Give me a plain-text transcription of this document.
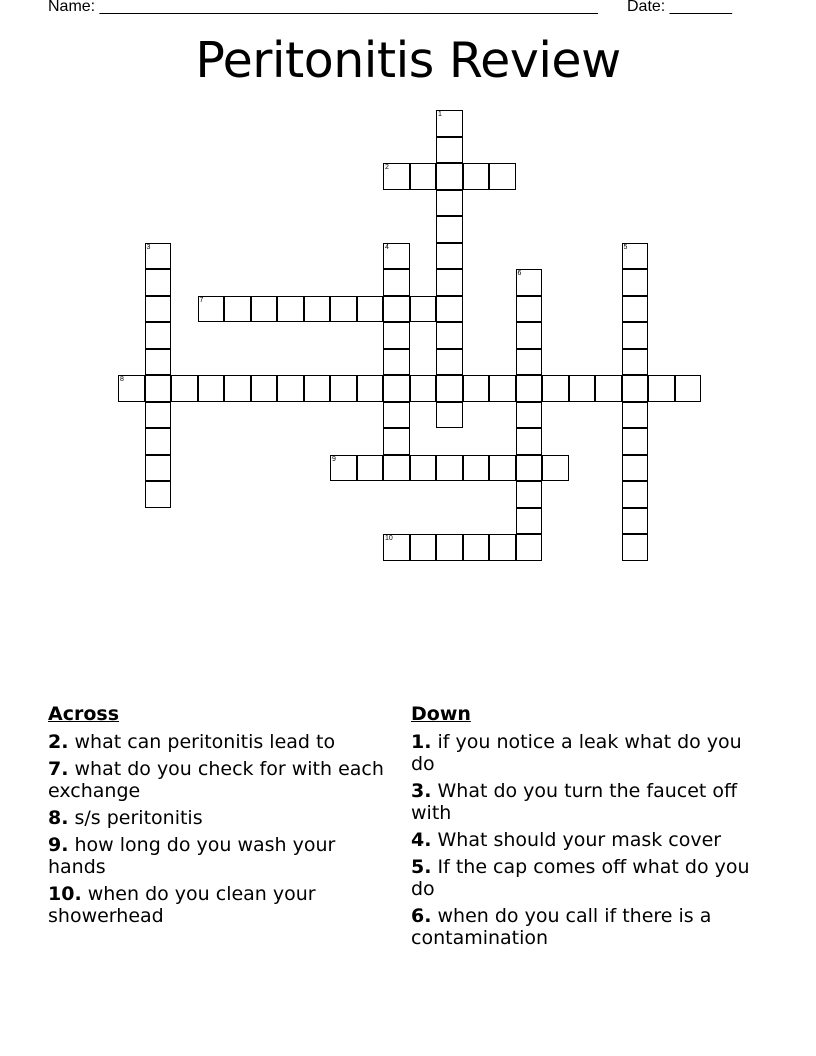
Name: ________________________________________________________ Date: _______
Peritonitis Review
1
2
3	4	5
6
7
8
9
10
Across
2. what can peritonitis lead to
7. what do you check for with each exchange
8. s/s peritonitis
9. how long do you wash your hands
10. when do you clean your showerhead
Down
1. if you notice a leak what do you do
3. What do you turn the faucet off with
4. What should your mask cover
5. If the cap comes off what do you do
6. when do you call if there is a contamination
